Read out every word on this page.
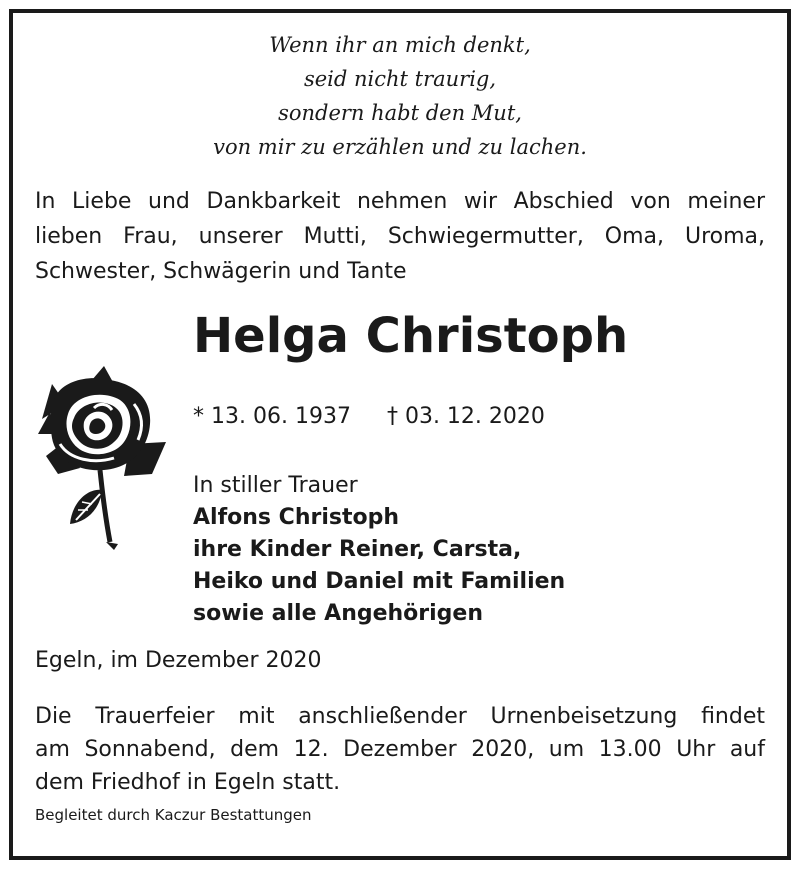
Wenn ihr an mich denkt,
seid nicht traurig,
sondern habt den Mut,
von mir zu erzählen und zu lachen.
In Liebe und Dankbarkeit nehmen wir Abschied von meiner
lieben Frau, unserer Mutti, Schwiegermutter, Oma, Uroma,
Schwester, Schwägerin und Tante
Helga Christoph
* 13. 06. 1937 † 03. 12. 2020
In stiller Trauer
Alfons Christoph
ihre Kinder Reiner, Carsta,
Heiko und Daniel mit Familien
sowie alle Angehörigen
Egeln, im Dezember 2020
Die Trauerfeier mit anschließender Urnenbeisetzung findet
am Sonnabend, dem 12. Dezember 2020, um 13.00 Uhr auf
dem Friedhof in Egeln statt.
Begleitet durch Kaczur Bestattungen
